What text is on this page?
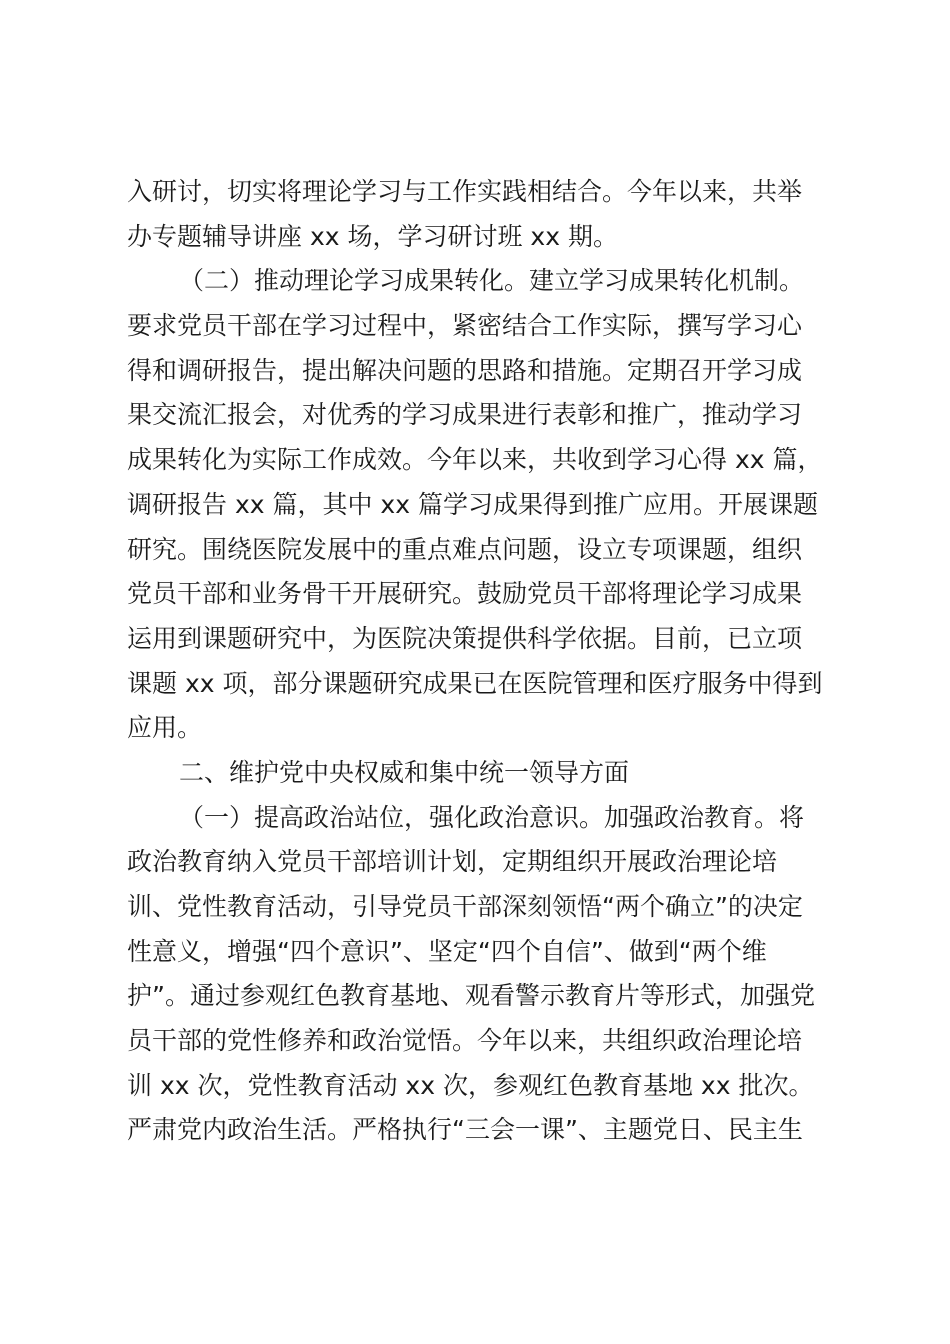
入研讨，切实将理论学习与工作实践相结合。今年以来，共举
办专题辅导讲座 xx 场，学习研讨班 xx 期。
（二）推动理论学习成果转化。建立学习成果转化机制。
要求党员干部在学习过程中，紧密结合工作实际，撰写学习心
得和调研报告，提出解决问题的思路和措施。定期召开学习成
果交流汇报会，对优秀的学习成果进行表彰和推广，推动学习
成果转化为实际工作成效。今年以来，共收到学习心得 xx 篇，
调研报告 xx 篇，其中 xx 篇学习成果得到推广应用。开展课题
研究。围绕医院发展中的重点难点问题，设立专项课题，组织
党员干部和业务骨干开展研究。鼓励党员干部将理论学习成果
运用到课题研究中，为医院决策提供科学依据。目前，已立项
课题 xx 项，部分课题研究成果已在医院管理和医疗服务中得到
应用。
二、维护党中央权威和集中统一领导方面
（一）提高政治站位，强化政治意识。加强政治教育。将
政治教育纳入党员干部培训计划，定期组织开展政治理论培
训、党性教育活动，引导党员干部深刻领悟“两个确立”的决定
性意义，增强“四个意识”、坚定“四个自信”、做到“两个维
护”。通过参观红色教育基地、观看警示教育片等形式，加强党
员干部的党性修养和政治觉悟。今年以来，共组织政治理论培
训 xx 次，党性教育活动 xx 次，参观红色教育基地 xx 批次。
严肃党内政治生活。严格执行“三会一课”、主题党日、民主生
